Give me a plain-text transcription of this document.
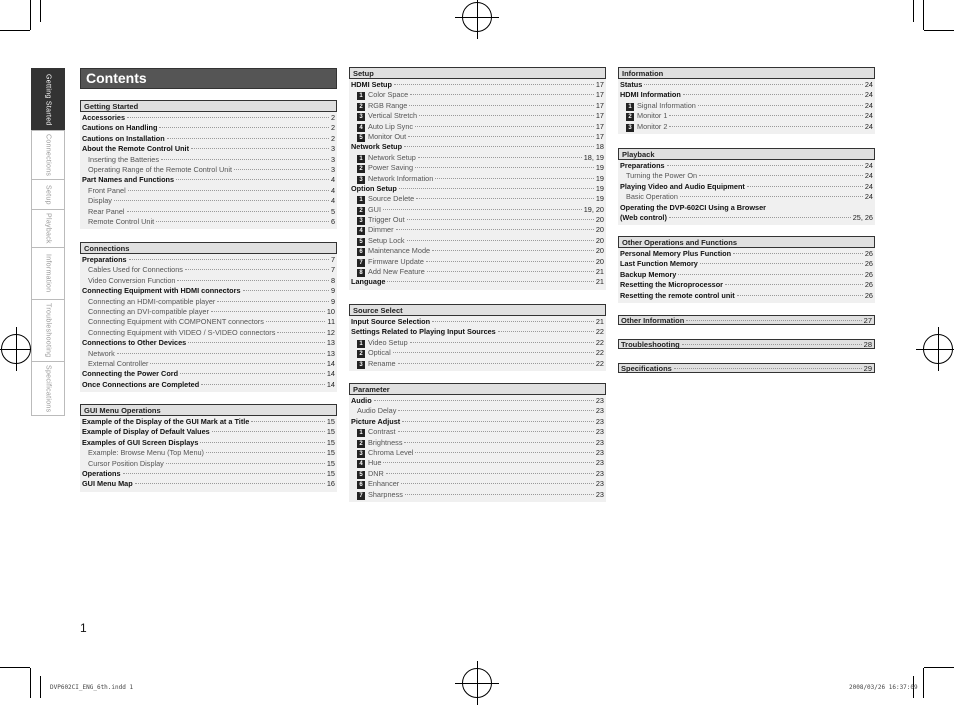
Getting Started
Connections
Setup
Playback
Information
Troubleshooting
Specifications
Contents
Getting Started
Accessories	2
Cautions on Handling	2
Cautions on Installation	2
About the Remote Control Unit	3
Inserting the Batteries	3
Operating Range of the Remote Control Unit	3
Part Names and Functions	4
Front Panel	4
Display	4
Rear Panel	5
Remote Control Unit	6
Connections
Preparations	7
Cables Used for Connections	7
Video Conversion Function	8
Connecting Equipment with HDMI connectors	9
Connecting an HDMI-compatible player	9
Connecting an DVI-compatible player	10
Connecting Equipment with COMPONENT connectors	11
Connecting Equipment with VIDEO / S-VIDEO connectors	12
Connections to Other Devices	13
Network	13
External Controller	14
Connecting the Power Cord	14
Once Connections are Completed	14
GUI Menu Operations
Example of the Display of the GUI Mark at a Title	15
Example of Display of Default Values	15
Examples of GUI Screen Displays	15
Example: Browse Menu (Top Menu)	15
Cursor Position Display	15
Operations	15
GUI Menu Map	16
Setup
HDMI Setup	17
1 Color Space	17
2 RGB Range	17
3 Vertical Stretch	17
4 Auto Lip Sync	17
5 Monitor Out	17
Network Setup	18
1 Network Setup	18, 19
2 Power Saving	19
3 Network Information	19
Option Setup	19
1 Source Delete	19
2 GUI	19, 20
3 Trigger Out	20
4 Dimmer	20
5 Setup Lock	20
6 Maintenance Mode	20
7 Firmware Update	20
8 Add New Feature	21
Language	21
Source Select
Input Source Selection	21
Settings Related to Playing Input Sources	22
1 Video Setup	22
2 Optical	22
3 Rename	22
Parameter
Audio	23
Audio Delay	23
Picture Adjust	23
1 Contrast	23
2 Brightness	23
3 Chroma Level	23
4 Hue	23
5 DNR	23
6 Enhancer	23
7 Sharpness	23
Information
Status	24
HDMI Information	24
1 Signal Information	24
2 Monitor 1	24
3 Monitor 2	24
Playback
Preparations	24
Turning the Power On	24
Playing Video and Audio Equipment	24
Basic Operation	24
Operating the DVP-602CI Using a Browser
(Web control)	25, 26
Other Operations and Functions
Personal Memory Plus Function	26
Last Function Memory	26
Backup Memory	26
Resetting the Microprocessor	26
Resetting the remote control unit	26
Other Information	27
Troubleshooting	28
Specifications	29
1
DVP602CI_ENG_6th.indd 1	2008/03/26 16:37:09
